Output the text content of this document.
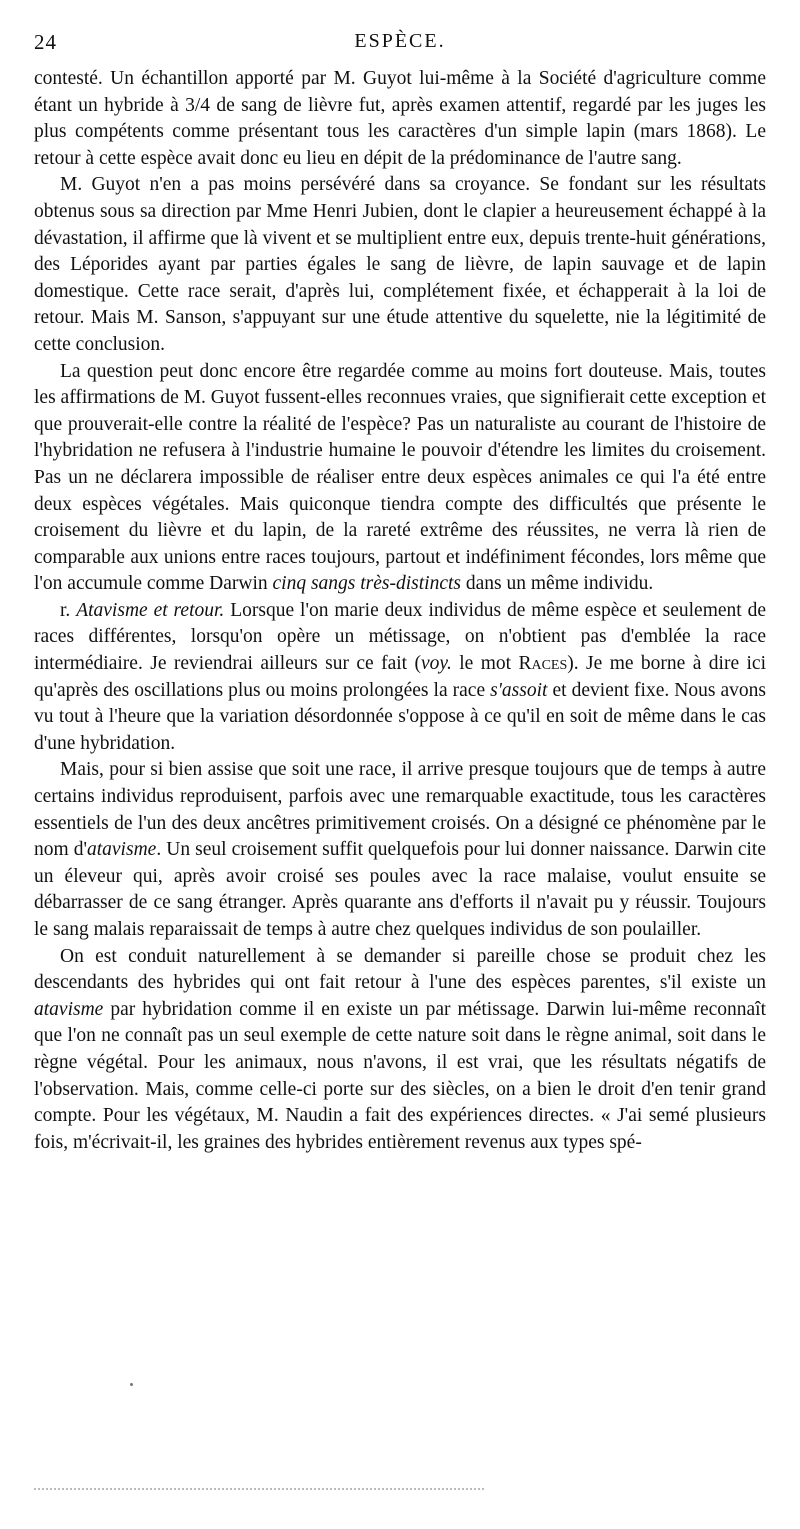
24	ESPÈCE.

contesté. Un échantillon apporté par M. Guyot lui-même à la Société d'agriculture comme étant un hybride à 3/4 de sang de lièvre fut, après examen attentif, regardé par les juges les plus compétents comme présentant tous les caractères d'un simple lapin (mars 1868). Le retour à cette espèce avait donc eu lieu en dépit de la prédominance de l'autre sang.

M. Guyot n'en a pas moins persévéré dans sa croyance. Se fondant sur les résultats obtenus sous sa direction par Mme Henri Jubien, dont le clapier a heureusement échappé à la dévastation, il affirme que là vivent et se multiplient entre eux, depuis trente-huit générations, des Léporides ayant par parties égales le sang de lièvre, de lapin sauvage et de lapin domestique. Cette race serait, d'après lui, complétement fixée, et échapperait à la loi de retour. Mais M. Sanson, s'appuyant sur une étude attentive du squelette, nie la légitimité de cette conclusion.

La question peut donc encore être regardée comme au moins fort douteuse. Mais, toutes les affirmations de M. Guyot fussent-elles reconnues vraies, que signifierait cette exception et que prouverait-elle contre la réalité de l'espèce? Pas un naturaliste au courant de l'histoire de l'hybridation ne refusera à l'industrie humaine le pouvoir d'étendre les limites du croisement. Pas un ne déclarera impossible de réaliser entre deux espèces animales ce qui l'a été entre deux espèces végétales. Mais quiconque tiendra compte des difficultés que présente le croisement du lièvre et du lapin, de la rareté extrême des réussites, ne verra là rien de comparable aux unions entre races toujours, partout et indéfiniment fécondes, lors même que l'on accumule comme Darwin cinq sangs très-distincts dans un même individu.

r. Atavisme et retour. Lorsque l'on marie deux individus de même espèce et seulement de races différentes, lorsqu'on opère un métissage, on n'obtient pas d'emblée la race intermédiaire. Je reviendrai ailleurs sur ce fait (voy. le mot Races). Je me borne à dire ici qu'après des oscillations plus ou moins prolongées la race s'assoit et devient fixe. Nous avons vu tout à l'heure que la variation désordonnée s'oppose à ce qu'il en soit de même dans le cas d'une hybridation.

Mais, pour si bien assise que soit une race, il arrive presque toujours que de temps à autre certains individus reproduisent, parfois avec une remarquable exactitude, tous les caractères essentiels de l'un des deux ancêtres primitivement croisés. On a désigné ce phénomène par le nom d'atavisme. Un seul croisement suffit quelquefois pour lui donner naissance. Darwin cite un éleveur qui, après avoir croisé ses poules avec la race malaise, voulut ensuite se débarrasser de ce sang étranger. Après quarante ans d'efforts il n'avait pu y réussir. Toujours le sang malais reparaissait de temps à autre chez quelques individus de son poulailler.

On est conduit naturellement à se demander si pareille chose se produit chez les descendants des hybrides qui ont fait retour à l'une des espèces parentes, s'il existe un atavisme par hybridation comme il en existe un par métissage. Darwin lui-même reconnaît que l'on ne connaît pas un seul exemple de cette nature soit dans le règne animal, soit dans le règne végétal. Pour les animaux, nous n'avons, il est vrai, que les résultats négatifs de l'observation. Mais, comme celle-ci porte sur des siècles, on a bien le droit d'en tenir grand compte. Pour les végétaux, M. Naudin a fait des expériences directes. « J'ai semé plusieurs fois, m'écrivait-il, les graines des hybrides entièrement revenus aux types spé-
